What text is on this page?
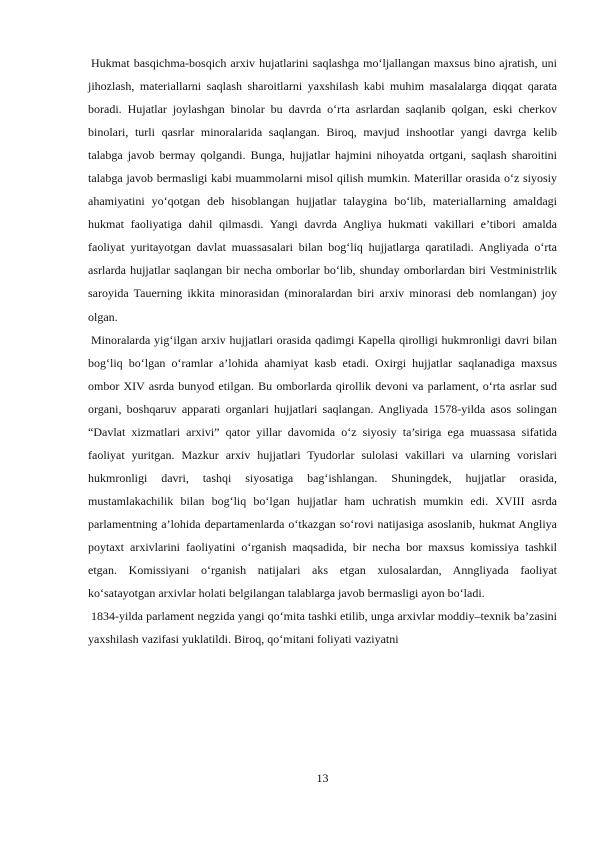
Hukmat basqichma-bosqich arxiv hujatlarini saqlashga mo‘ljallangan maxsus bino ajratish, uni jihozlash, materiallarni saqlash sharoitlarni yaxshilash kabi muhim masalalarga diqqat qarata boradi. Hujatlar joylashgan binolar bu davrda o‘rta asrlardan saqlanib qolgan, eski cherkov binolari, turli qasrlar minoralarida saqlangan. Biroq, mavjud inshootlar yangi davrga kelib talabga javob bermay qolgandi. Bunga, hujjatlar hajmini nihoyatda ortgani, saqlash sharoitini talabga javob bermasligi kabi muammolarni misol qilish mumkin. Materillar orasida o‘z siyosiy ahamiyatini yo‘qotgan deb hisoblangan hujjatlar talaygina bo‘lib, materiallarning amaldagi hukmat faoliyatiga dahil qilmasdi. Yangi davrda Angliya hukmati vakillari e’tibori amalda faoliyat yuritayotgan davlat muassasalari bilan bog‘liq hujjatlarga qaratiladi. Angliyada o‘rta asrlarda hujjatlar saqlangan bir necha omborlar bo‘lib, shunday omborlardan biri Vestministrlik saroyida Tauerning ikkita minorasidan (minoralardan biri arxiv minorasi deb nomlangan) joy olgan.

Minoralarda yig‘ilgan arxiv hujjatlari orasida qadimgi Kapella qirolligi hukmronligi davri bilan bog‘liq bo‘lgan o‘ramlar a’lohida ahamiyat kasb etadi. Oxirgi hujjatlar saqlanadiga maxsus ombor XIV asrda bunyod etilgan. Bu omborlarda qirollik devoni va parlament, o‘rta asrlar sud organi, boshqaruv apparati organlari hujjatlari saqlangan. Angliyada 1578-yilda asos solingan “Davlat xizmatlari arxivi” qator yillar davomida o‘z siyosiy ta’siriga ega muassasa sifatida faoliyat yuritgan. Mazkur arxiv hujjatlari Tyudorlar sulolasi vakillari va ularning vorislari hukmronligi davri, tashqi siyosatiga bag‘ishlangan. Shuningdek, hujjatlar orasida, mustamlakachilik bilan bog‘liq bo‘lgan hujjatlar ham uchratish mumkin edi. XVIII asrda parlamentning a’lohida departamenlarda o‘tkazgan so‘rovi natijasiga asoslanib, hukmat Angliya poytaxt arxivlarini faoliyatini o‘rganish maqsadida, bir necha bor maxsus komissiya tashkil etgan. Komissiyani o‘rganish natijalari aks etgan xulosalardan, Anngliyada faoliyat ko‘satayotgan arxivlar holati belgilangan talablarga javob bermasligi ayon bo‘ladi.

1834-yilda parlament negzida yangi qo‘mita tashki etilib, unga arxivlar moddiy–texnik ba’zasini yaxshilash vazifasi yuklatildi. Biroq, qo‘mitani foliyati vaziyatni

13
